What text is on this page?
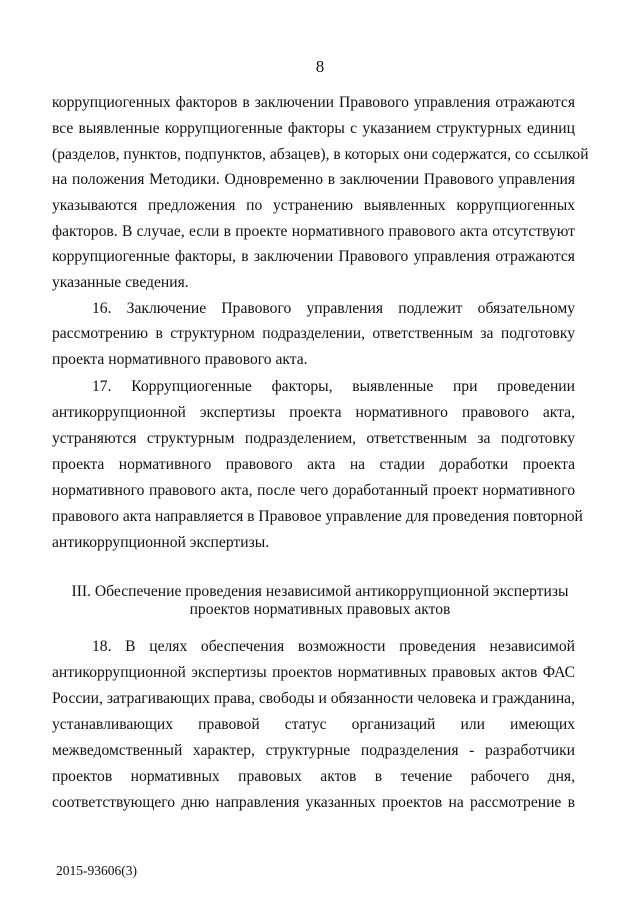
8
коррупциогенных факторов в заключении Правового управления отражаются
все выявленные коррупциогенные факторы с указанием структурных единиц
(разделов, пунктов, подпунктов, абзацев), в которых они содержатся, со ссылкой
на положения Методики. Одновременно в заключении Правового управления
указываются предложения по устранению выявленных коррупциогенных
факторов. В случае, если в проекте нормативного правового акта отсутствуют
коррупциогенные факторы, в заключении Правового управления отражаются
указанные сведения.
16. Заключение Правового управления подлежит обязательному
рассмотрению в структурном подразделении, ответственным за подготовку
проекта нормативного правового акта.
17. Коррупциогенные факторы, выявленные при проведении
антикоррупционной экспертизы проекта нормативного правового акта,
устраняются структурным подразделением, ответственным за подготовку
проекта нормативного правового акта на стадии доработки проекта
нормативного правового акта, после чего доработанный проект нормативного
правового акта направляется в Правовое управление для проведения повторной
антикоррупционной экспертизы.
III. Обеспечение проведения независимой антикоррупционной экспертизы
проектов нормативных правовых актов
18. В целях обеспечения возможности проведения независимой
антикоррупционной экспертизы проектов нормативных правовых актов ФАС
России, затрагивающих права, свободы и обязанности человека и гражданина,
устанавливающих правовой статус организаций или имеющих
межведомственный характер, структурные подразделения - разработчики
проектов нормативных правовых актов в течение рабочего дня,
соответствующего дню направления указанных проектов на рассмотрение в
2015-93606(3)
